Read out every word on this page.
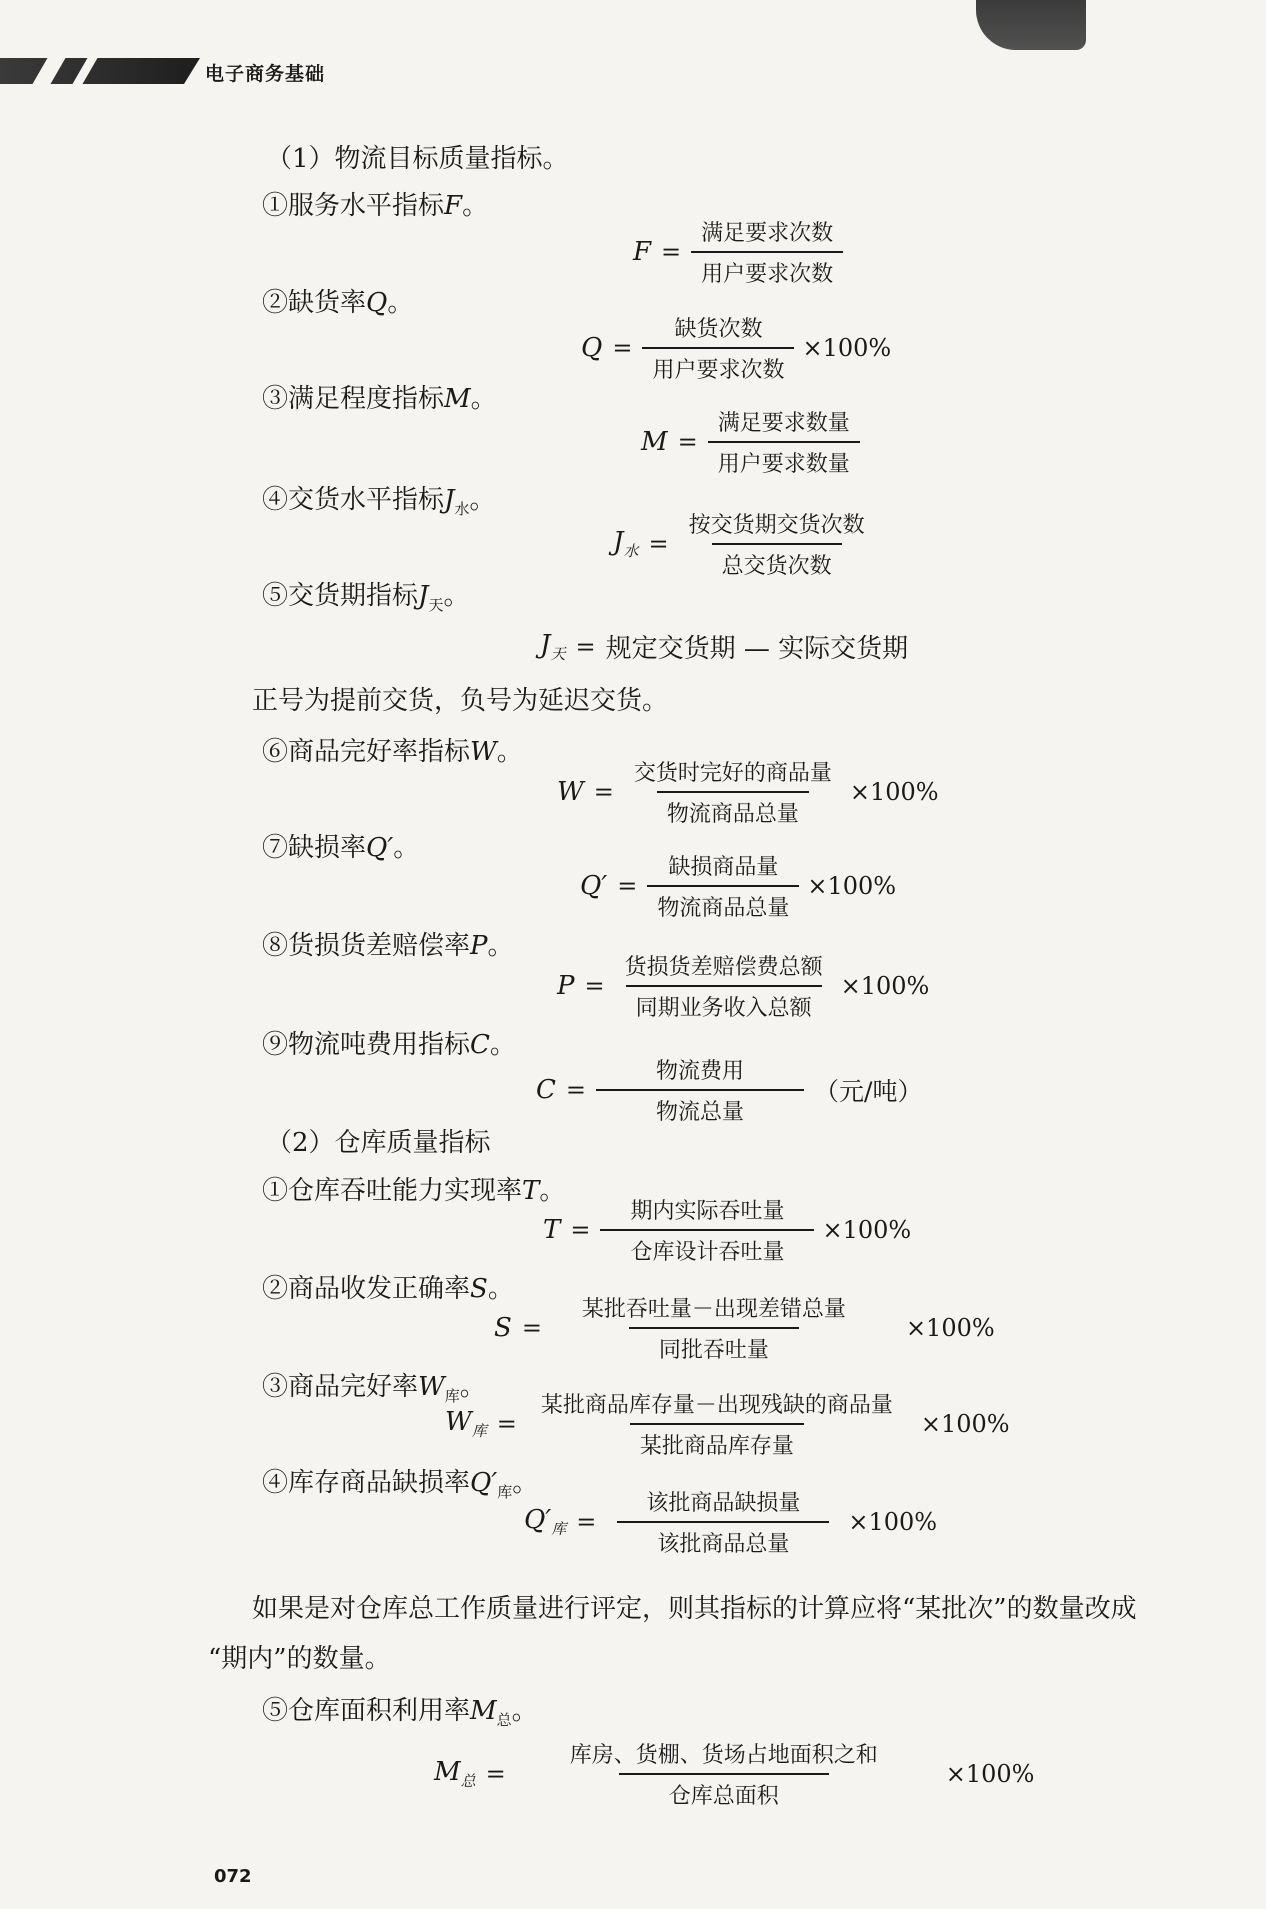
电子商务基础
（1）物流目标质量指标。
①服务水平指标F。
$F = \frac{\text{满足要求次数}}{\text{用户要求次数}}$
②缺货率Q。
$Q = \frac{\text{缺货次数}}{\text{用户要求次数}} \times 100\%$
③满足程度指标M。
$M = \frac{\text{满足要求数量}}{\text{用户要求数量}}$
④交货水平指标$J_水$。
$J_水 = \frac{\text{按交货期交货次数}}{\text{总交货次数}}$
⑤交货期指标$J_天$。
$J_天$ = 规定交货期 — 实际交货期
正号为提前交货，负号为延迟交货。
⑥商品完好率指标W。
$W = \frac{\text{交货时完好的商品量}}{\text{物流商品总量}} \times 100\%$
⑦缺损率Q′。
$Q' = \frac{\text{缺损商品量}}{\text{物流商品总量}} \times 100\%$
⑧货损货差赔偿率P。
$P = \frac{\text{货损货差赔偿费总额}}{\text{同期业务收入总额}} \times 100\%$
⑨物流吨费用指标C。
$C = \frac{\text{物流费用}}{\text{物流总量}}$ （元/吨）
（2）仓库质量指标
①仓库吞吐能力实现率T。
$T = \frac{\text{期内实际吞吐量}}{\text{仓库设计吞吐量}} \times 100\%$
②商品收发正确率S。
$S = \frac{\text{某批吞吐量－出现差错总量}}{\text{同批吞吐量}} \times 100\%$
③商品完好率$W_库$。
$W_库 = \frac{\text{某批商品库存量－出现残缺的商品量}}{\text{某批商品库存量}} \times 100\%$
④库存商品缺损率$Q'_库$。
$Q'_库 = \frac{\text{该批商品缺损量}}{\text{该批商品总量}} \times 100\%$
如果是对仓库总工作质量进行评定，则其指标的计算应将“某批次”的数量改成
“期内”的数量。
⑤仓库面积利用率$M_总$。
$M_总 = \frac{\text{库房、货棚、货场占地面积之和}}{\text{仓库总面积}} \times 100\%$
072
